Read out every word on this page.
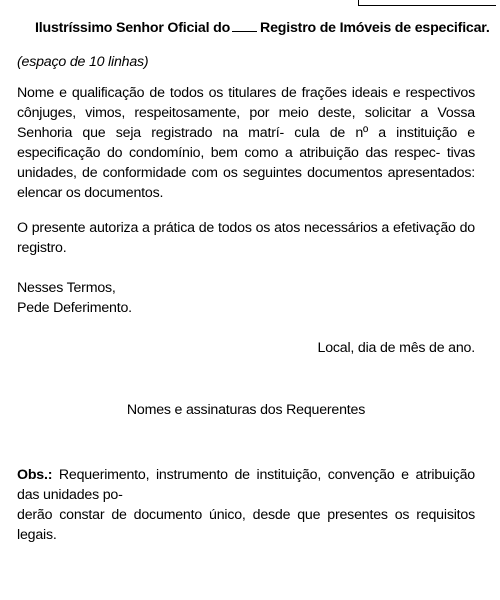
Ilustríssimo Senhor Oficial do Registro de Imóveis de especificar.

(espaço de 10 linhas)

Nome e qualificação de todos os titulares de frações ideais e respectivos cônjuges, vimos, respeitosamente, por meio deste, solicitar a Vossa Senhoria que seja registrado na matrí- cula de nº a instituição e especificação do condomínio, bem como a atribuição das respec- tivas unidades, de conformidade com os seguintes documentos apresentados: elencar os documentos.

O presente autoriza a prática de todos os atos necessários a efetivação do registro.

Nesses Termos,
Pede Deferimento.

Local, dia de mês de ano.

Nomes e assinaturas dos Requerentes

Obs.: Requerimento, instrumento de instituição, convenção e atribuição das unidades po-
derão constar de documento único, desde que presentes os requisitos legais.
